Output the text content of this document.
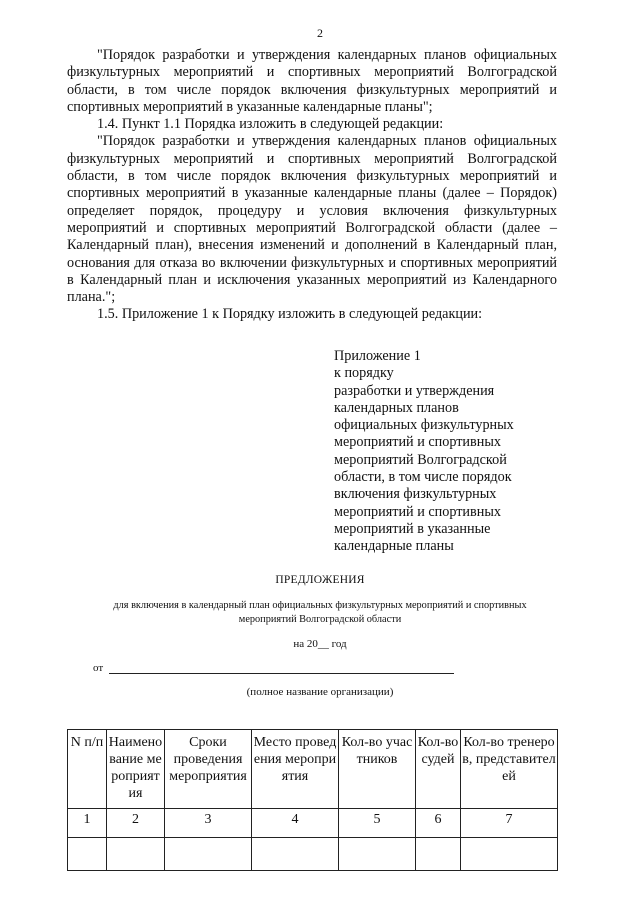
2

"Порядок разработки и утверждения календарных планов официальных физкультурных мероприятий и спортивных мероприятий Волгоградской области, в том числе порядок включения физкультурных мероприятий и спортивных мероприятий в указанные календарные планы";

1.4. Пункт 1.1 Порядка изложить в следующей редакции:

"Порядок разработки и утверждения календарных планов официальных физкультурных мероприятий и спортивных мероприятий Волгоградской области, в том числе порядок включения физкультурных мероприятий и спортивных мероприятий в указанные календарные планы (далее – Порядок) определяет порядок, процедуру и условия включения физкультурных мероприятий и спортивных мероприятий Волгоградской области (далее – Календарный план), внесения изменений и дополнений в Календарный план, основания для отказа во включении физкультурных и спортивных мероприятий в Календарный план и исключения указанных мероприятий из Календарного плана.";

1.5. Приложение 1 к Порядку изложить в следующей редакции:

Приложение 1
к порядку
разработки и утверждения
календарных планов
официальных физкультурных
мероприятий и спортивных
мероприятий Волгоградской
области, в том числе порядок
включения физкультурных
мероприятий и спортивных
мероприятий в указанные
календарные планы
ПРЕДЛОЖЕНИЯ
для включения в календарный план официальных физкультурных мероприятий и спортивных
мероприятий Волгоградской области
на 20__ год
от
(полное название организации)
N п/п	Наименование мероприятия	Сроки проведения мероприятия	Место проведения мероприятия	Кол-во участников	Кол-во судей	Кол-во тренеров, представителей
1	2	3	4	5	6	7
